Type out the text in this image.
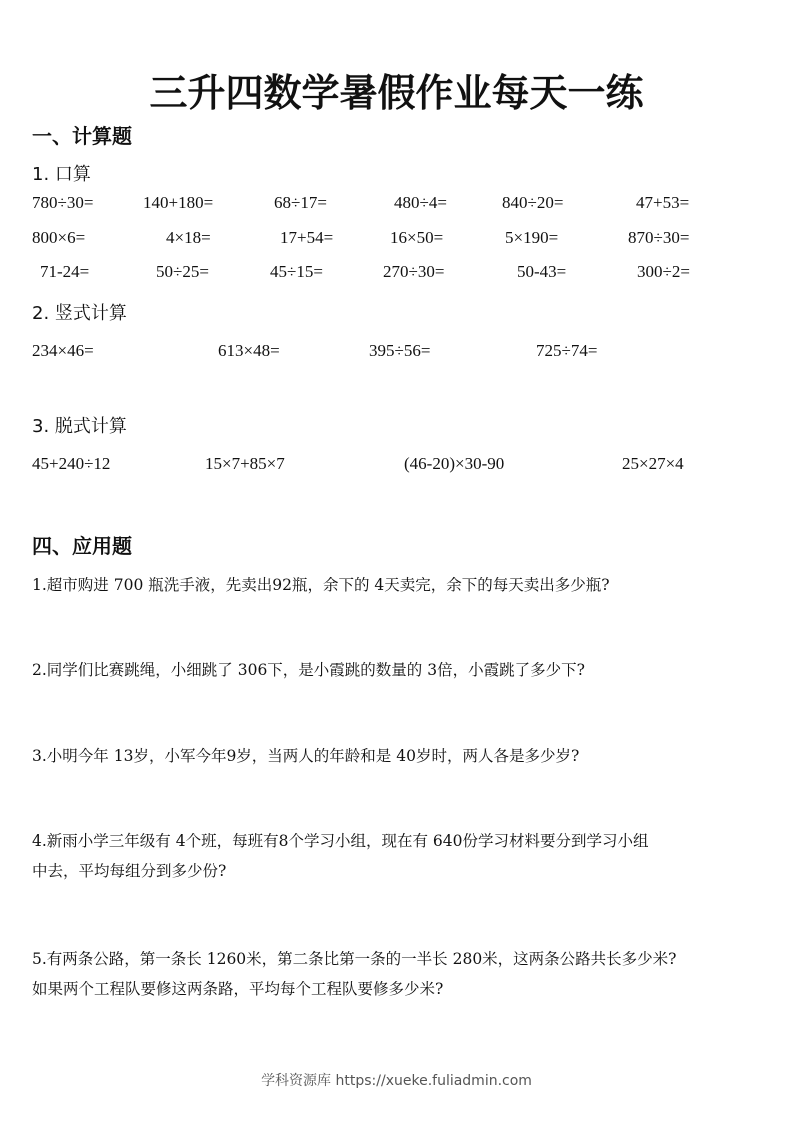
三升四数学暑假作业每天一练
一、计算题
1. 口算
780÷30=	140+180=	68÷17=	480÷4=	840÷20=	47+53=
800×6=	4×18=	17+54=	16×50=	5×190=	870÷30=
71-24=	50÷25=	45÷15=	270÷30=	50-43=	300÷2=
2. 竖式计算
234×46=	613×48=	395÷56=	725÷74=
3. 脱式计算
45+240÷12	15×7+85×7	(46-20)×30-90	25×27×4
四、应用题
1.超市购进 700 瓶洗手液，先卖出92瓶，余下的 4天卖完，余下的每天卖出多少瓶?
2.同学们比赛跳绳，小细跳了 306下，是小霞跳的数量的 3倍，小霞跳了多少下?
3.小明今年 13岁，小军今年9岁，当两人的年龄和是 40岁时，两人各是多少岁?
4.新雨小学三年级有 4个班，每班有8个学习小组，现在有 640份学习材料要分到学习小组
中去，平均每组分到多少份?
5.有两条公路，第一条长 1260米，第二条比第一条的一半长 280米，这两条公路共长多少米?
如果两个工程队要修这两条路，平均每个工程队要修多少米?
学科资源库 https://xueke.fuliadmin.com
